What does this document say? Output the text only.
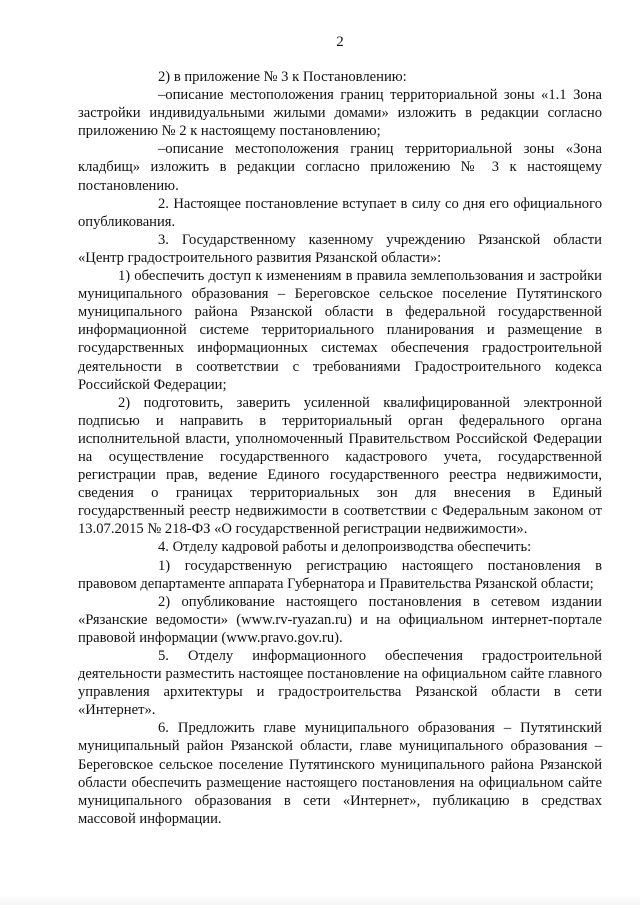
2

2) в приложение № 3 к Постановлению:

–описание местоположения границ территориальной зоны «1.1 Зона застройки индивидуальными жилыми домами» изложить в редакции согласно приложению № 2 к настоящему постановлению;

–описание местоположения границ территориальной зоны «Зона кладбищ» изложить в редакции согласно приложению № 3 к настоящему постановлению.

2. Настоящее постановление вступает в силу со дня его официального опубликования.

3. Государственному казенному учреждению Рязанской области «Центр градостроительного развития Рязанской области»:

1) обеспечить доступ к изменениям в правила землепользования и застройки муниципального образования – Береговское сельское поселение Путятинского муниципального района Рязанской области в федеральной государственной информационной системе территориального планирования и размещение в государственных информационных системах обеспечения градостроительной деятельности в соответствии с требованиями Градостроительного кодекса Российской Федерации;

2) подготовить, заверить усиленной квалифицированной электронной подписью и направить в территориальный орган федерального органа исполнительной власти, уполномоченный Правительством Российской Федерации на осуществление государственного кадастрового учета, государственной регистрации прав, ведение Единого государственного реестра недвижимости, сведения о границах территориальных зон для внесения в Единый государственный реестр недвижимости в соответствии с Федеральным законом от 13.07.2015 № 218-ФЗ «О государственной регистрации недвижимости».

4. Отделу кадровой работы и делопроизводства обеспечить:

1) государственную регистрацию настоящего постановления в правовом департаменте аппарата Губернатора и Правительства Рязанской области;

2) опубликование настоящего постановления в сетевом издании «Рязанские ведомости» (www.rv-ryazan.ru) и на официальном интернет-портале правовой информации (www.pravo.gov.ru).

5. Отделу информационного обеспечения градостроительной деятельности разместить настоящее постановление на официальном сайте главного управления архитектуры и градостроительства Рязанской области в сети «Интернет».

6. Предложить главе муниципального образования – Путятинский муниципальный район Рязанской области, главе муниципального образования – Береговское сельское поселение Путятинского муниципального района Рязанской области обеспечить размещение настоящего постановления на официальном сайте муниципального образования в сети «Интернет», публикацию в средствах массовой информации.
